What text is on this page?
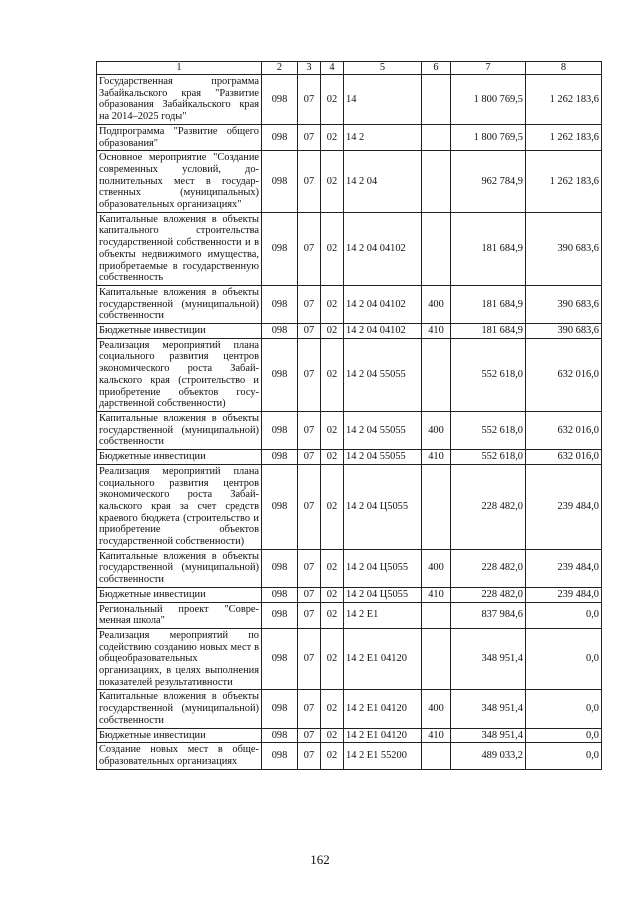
1	2	3	4	5	6	7	8
Государственная программа Забайкальского края "Развитие образования Забайкальского края на 2014–2025 годы"	098	07	02	14		1 800 769,5	1 262 183,6
Подпрограмма "Развитие общего образования"	098	07	02	14 2		1 800 769,5	1 262 183,6
Основное мероприятие "Создание современных условий, дополнительных мест в государственных (муниципальных) образовательных организациях"	098	07	02	14 2 04		962 784,9	1 262 183,6
Капитальные вложения в объекты капитального строительства государственной собственности и в объекты недвижимого имущества, приобретаемые в государственную собственность	098	07	02	14 2 04 04102		181 684,9	390 683,6
Капитальные вложения в объекты государственной (муниципальной) собственности	098	07	02	14 2 04 04102	400	181 684,9	390 683,6
Бюджетные инвестиции	098	07	02	14 2 04 04102	410	181 684,9	390 683,6
Реализация мероприятий плана социального развития центров экономического роста Забайкальского края (строительство и приобретение объектов государственной собственности)	098	07	02	14 2 04 55055		552 618,0	632 016,0
Капитальные вложения в объекты государственной (муниципальной) собственности	098	07	02	14 2 04 55055	400	552 618,0	632 016,0
Бюджетные инвестиции	098	07	02	14 2 04 55055	410	552 618,0	632 016,0
Реализация мероприятий плана социального развития центров экономического роста Забайкальского края за счет средств краевого бюджета (строительство и приобретение объектов государственной собственности)	098	07	02	14 2 04 Ц5055		228 482,0	239 484,0
Капитальные вложения в объекты государственной (муниципальной) собственности	098	07	02	14 2 04 Ц5055	400	228 482,0	239 484,0
Бюджетные инвестиции	098	07	02	14 2 04 Ц5055	410	228 482,0	239 484,0
Региональный проект "Современная школа"	098	07	02	14 2 Е1		837 984,6	0,0
Реализация мероприятий по содействию созданию новых мест в общеобразовательных организациях, в целях выполнения показателей результативности	098	07	02	14 2 Е1 04120		348 951,4	0,0
Капитальные вложения в объекты государственной (муниципальной) собственности	098	07	02	14 2 Е1 04120	400	348 951,4	0,0
Бюджетные инвестиции	098	07	02	14 2 Е1 04120	410	348 951,4	0,0
Создание новых мест в общеобразовательных организациях	098	07	02	14 2 Е1 55200		489 033,2	0,0
162
